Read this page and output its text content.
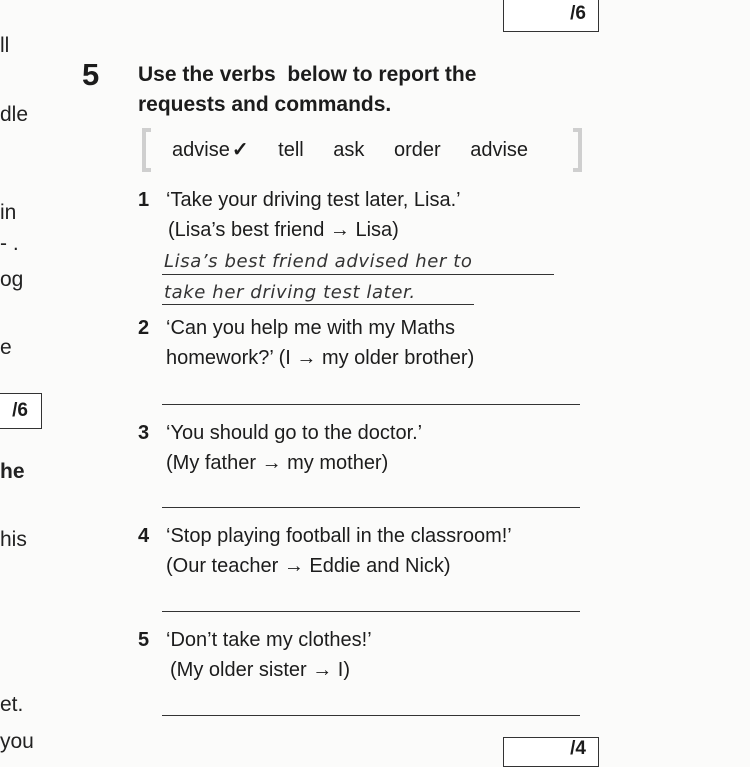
/6
/6
/4
ll
dle
in
- .
og
e
he
his
et.
you
5 Use the verbs  below to report the
requests and commands.
advise ✓ tell ask order advise
1 ‘Take your driving test later, Lisa.’
(Lisa’s best friend → Lisa)
Lisa’s best friend advised her to
take her driving test later.
2 ‘Can you help me with my Maths
homework?’ (I → my older brother)
3 ‘You should go to the doctor.’
(My father → my mother)
4 ‘Stop playing football in the classroom!’
(Our teacher → Eddie and Nick)
5 ‘Don’t take my clothes!’
(My older sister → I)
